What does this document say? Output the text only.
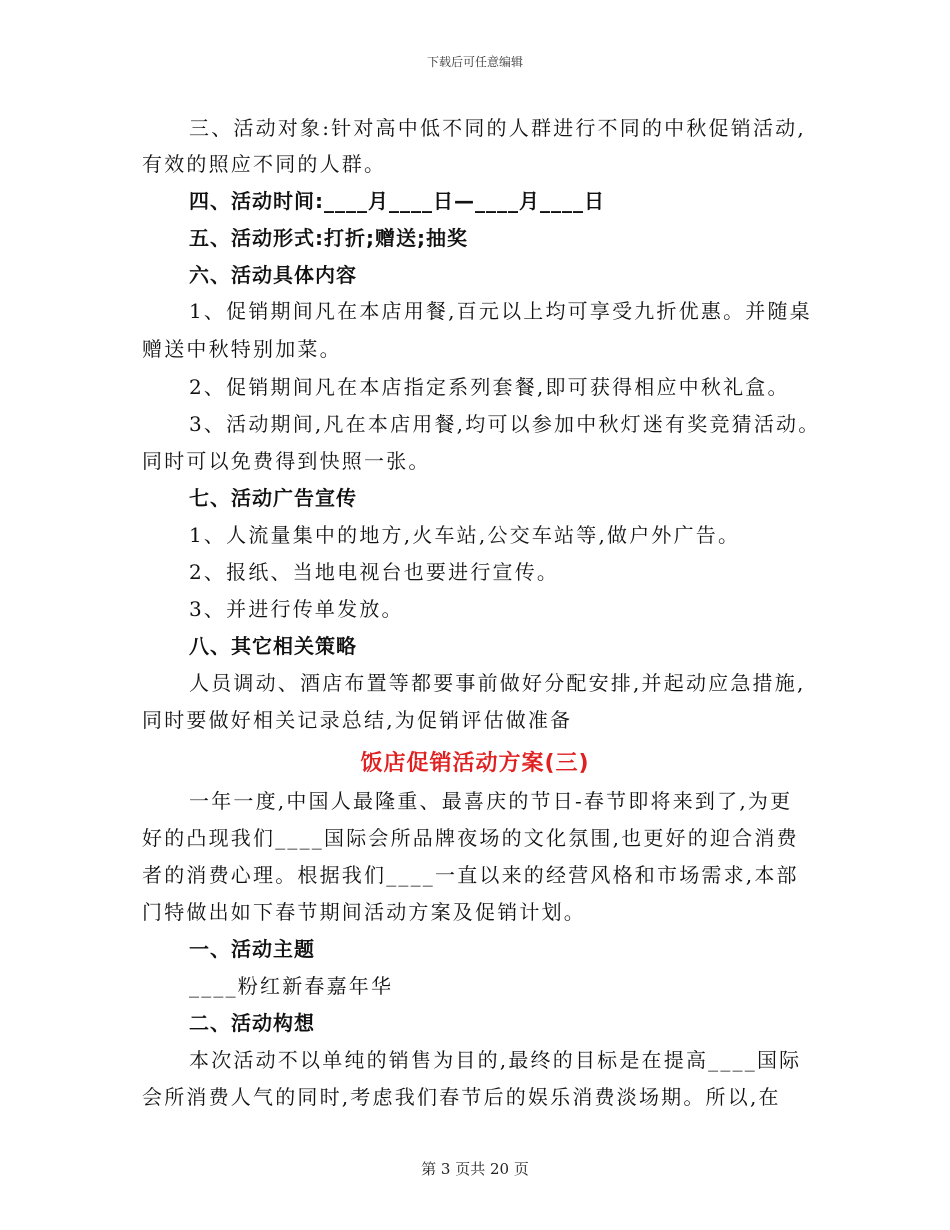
下载后可任意编辑
三、活动对象:针对高中低不同的人群进行不同的中秋促销活动,
有效的照应不同的人群。
四、活动时间:____月____日—____月____日
五、活动形式:打折;赠送;抽奖
六、活动具体内容
1、促销期间凡在本店用餐,百元以上均可享受九折优惠。并随桌
赠送中秋特别加菜。
2、促销期间凡在本店指定系列套餐,即可获得相应中秋礼盒。
3、活动期间,凡在本店用餐,均可以参加中秋灯迷有奖竞猜活动。
同时可以免费得到快照一张。
七、活动广告宣传
1、人流量集中的地方,火车站,公交车站等,做户外广告。
2、报纸、当地电视台也要进行宣传。
3、并进行传单发放。
八、其它相关策略
人员调动、酒店布置等都要事前做好分配安排,并起动应急措施,
同时要做好相关记录总结,为促销评估做准备
饭店促销活动方案(三)
一年一度,中国人最隆重、最喜庆的节日-春节即将来到了,为更
好的凸现我们____国际会所品牌夜场的文化氛围,也更好的迎合消费
者的消费心理。根据我们____一直以来的经营风格和市场需求,本部
门特做出如下春节期间活动方案及促销计划。
一、活动主题
____粉红新春嘉年华
二、活动构想
本次活动不以单纯的销售为目的,最终的目标是在提高____国际
会所消费人气的同时,考虑我们春节后的娱乐消费淡场期。所以,在
第 3 页共 20 页
